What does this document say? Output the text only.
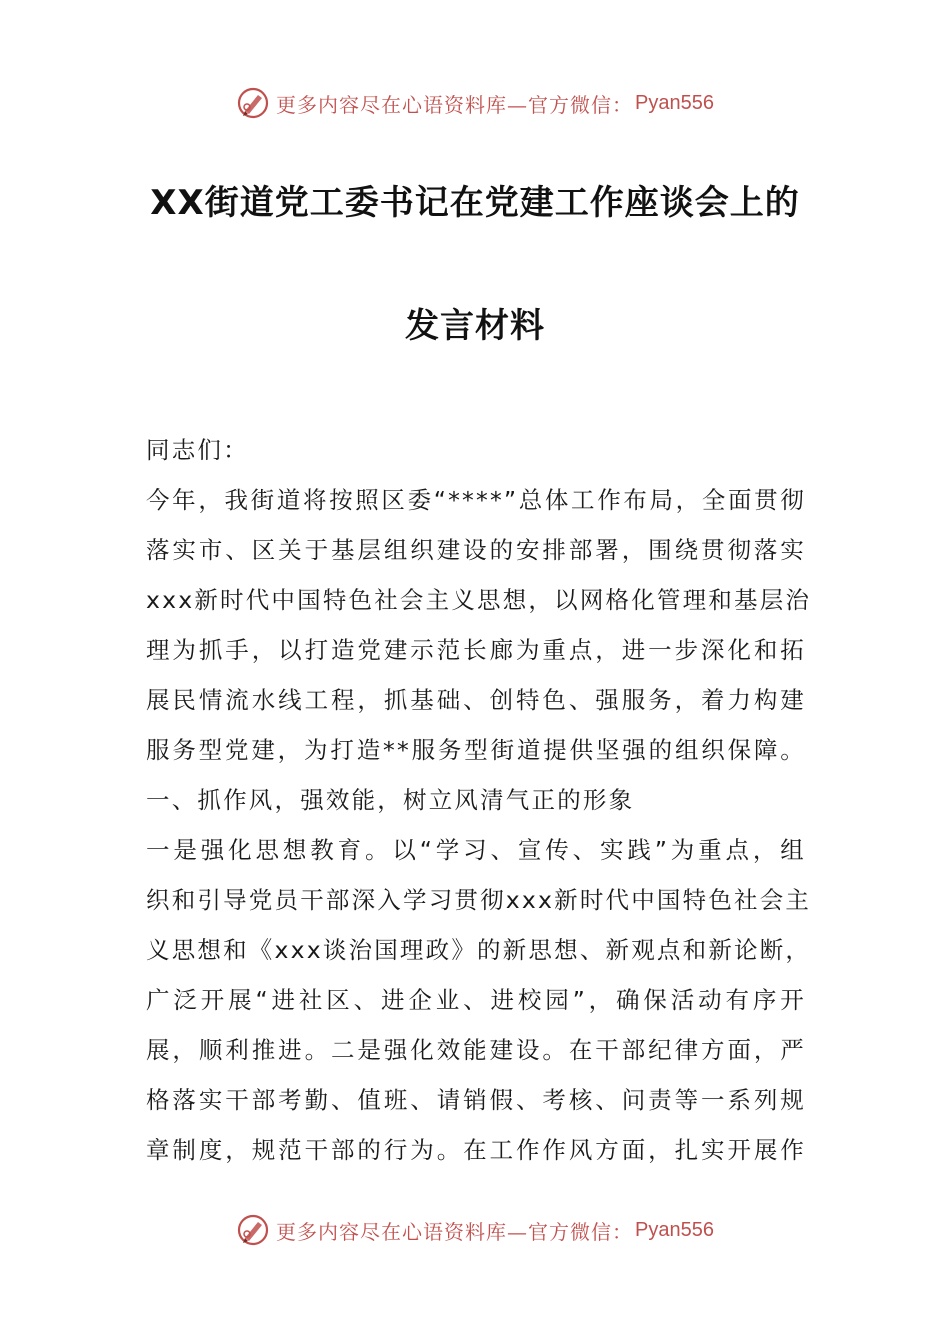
更多内容尽在心语资料库—官方微信： Pyan556
XX街道党工委书记在党建工作座谈会上的
发言材料
同志们：
今年，我街道将按照区委“****”总体工作布局，全面贯彻
落实市、区关于基层组织建设的安排部署，围绕贯彻落实
xxx新时代中国特色社会主义思想，以网格化管理和基层治
理为抓手，以打造党建示范长廊为重点，进一步深化和拓
展民情流水线工程，抓基础、创特色、强服务，着力构建
服务型党建，为打造**服务型街道提供坚强的组织保障。
一、抓作风，强效能，树立风清气正的形象
一是强化思想教育。以“学习、宣传、实践”为重点，组
织和引导党员干部深入学习贯彻xxx新时代中国特色社会主
义思想和《xxx谈治国理政》的新思想、新观点和新论断，
广泛开展“进社区、进企业、进校园”，确保活动有序开
展，顺利推进。二是强化效能建设。在干部纪律方面，严
格落实干部考勤、值班、请销假、考核、问责等一系列规
章制度，规范干部的行为。在工作作风方面，扎实开展作
更多内容尽在心语资料库—官方微信： Pyan556
